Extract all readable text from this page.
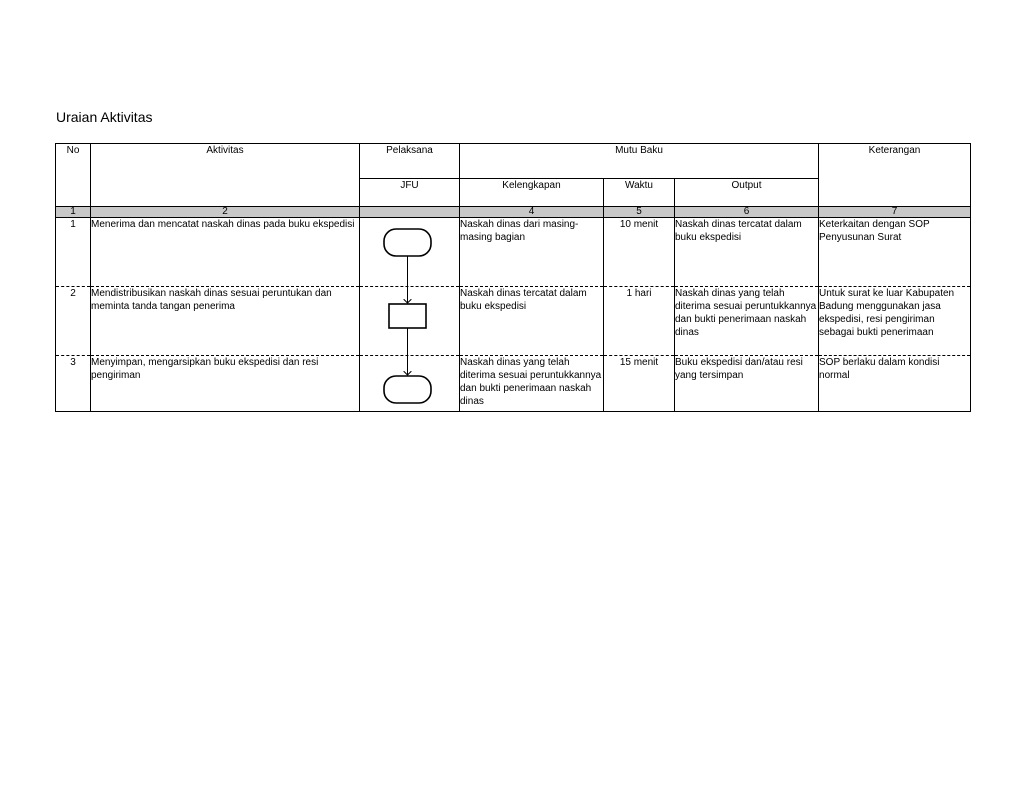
Uraian Aktivitas
No	Aktivitas	Pelaksana	Mutu Baku			Keterangan
		JFU	Kelengkapan	Waktu	Output	
1	2		4	5	6	7
1	Menerima dan mencatat naskah dinas pada buku ekspedisi		Naskah dinas dari masing-masing bagian	10 menit	Naskah dinas tercatat dalam buku ekspedisi	Keterkaitan dengan SOP Penyusunan Surat
2	Mendistribusikan naskah dinas sesuai peruntukan dan meminta tanda tangan penerima		Naskah dinas tercatat dalam buku ekspedisi	1 hari	Naskah dinas yang telah diterima sesuai peruntukkannya dan bukti penerimaan naskah dinas	Untuk surat ke luar Kabupaten Badung menggunakan jasa ekspedisi, resi pengiriman sebagai bukti penerimaan
3	Menyimpan, mengarsipkan buku ekspedisi dan resi pengiriman		Naskah dinas yang telah diterima sesuai peruntukkannya dan bukti penerimaan naskah dinas	15 menit	Buku ekspedisi dan/atau resi yang tersimpan	SOP berlaku dalam kondisi normal
